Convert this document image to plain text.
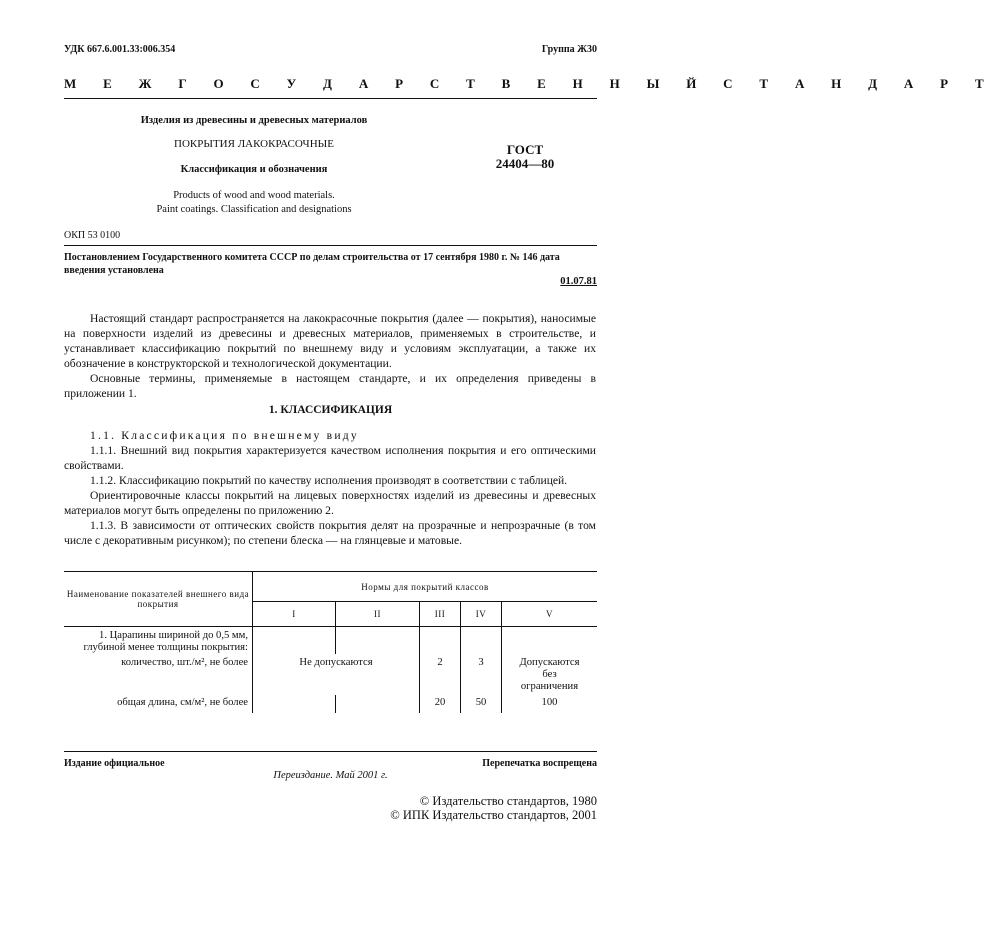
УДК 667.6.001.33:006.354	Группа Ж30
М Е Ж Г О С У Д А Р С Т В Е Н Н Ы Й С Т А Н Д А Р Т
Изделия из древесины и древесных материалов
ПОКРЫТИЯ ЛАКОКРАСОЧНЫЕ
Классификация и обозначения
Products of wood and wood materials.
Paint coatings. Classification and designations
ГОСТ
24404—80
ОКП 53 0100
Постановлением Государственного комитета СССР по делам строительства от 17 сентября 1980 г. № 146 дата введения установлена
01.07.81

Настоящий стандарт распространяется на лакокрасочные покрытия (далее — покрытия), наносимые на поверхности изделий из древесины и древесных материалов, применяемых в строительстве, и устанавливает классификацию покрытий по внешнему виду и условиям эксплуатации, а также их обозначение в конструкторской и технологической документации.

Основные термины, применяемые в настоящем стандарте, и их определения приведены в приложении 1.

1. КЛАССИФИКАЦИЯ

1.1. Классификация по внешнему виду

1.1.1. Внешний вид покрытия характеризуется качеством исполнения покрытия и его оптическими свойствами.

1.1.2. Классификацию покрытий по качеству исполнения производят в соответствии с таблицей.

Ориентировочные классы покрытий на лицевых поверхностях изделий из древесины и древесных материалов могут быть определены по приложению 2.

1.1.3. В зависимости от оптических свойств покрытия делят на прозрачные и непрозрачные (в том числе с декоративным рисунком); по степени блеска — на глянцевые и матовые.

Наименование показателей внешнего вида покрытия	Нормы для покрытий классов				
	I	II	III	IV	V
1. Царапины шириной до 0,5 мм, глубиной менее толщины покрытия:					
количество, шт./м², не более	Не допускаются		2	3	Допускаются без ограничения
общая длина, см/м², не более			20	50	100
Издание официальное	Перепечатка воспрещена
Переиздание. Май 2001 г.
© Издательство стандартов, 1980
© ИПК Издательство стандартов, 2001
